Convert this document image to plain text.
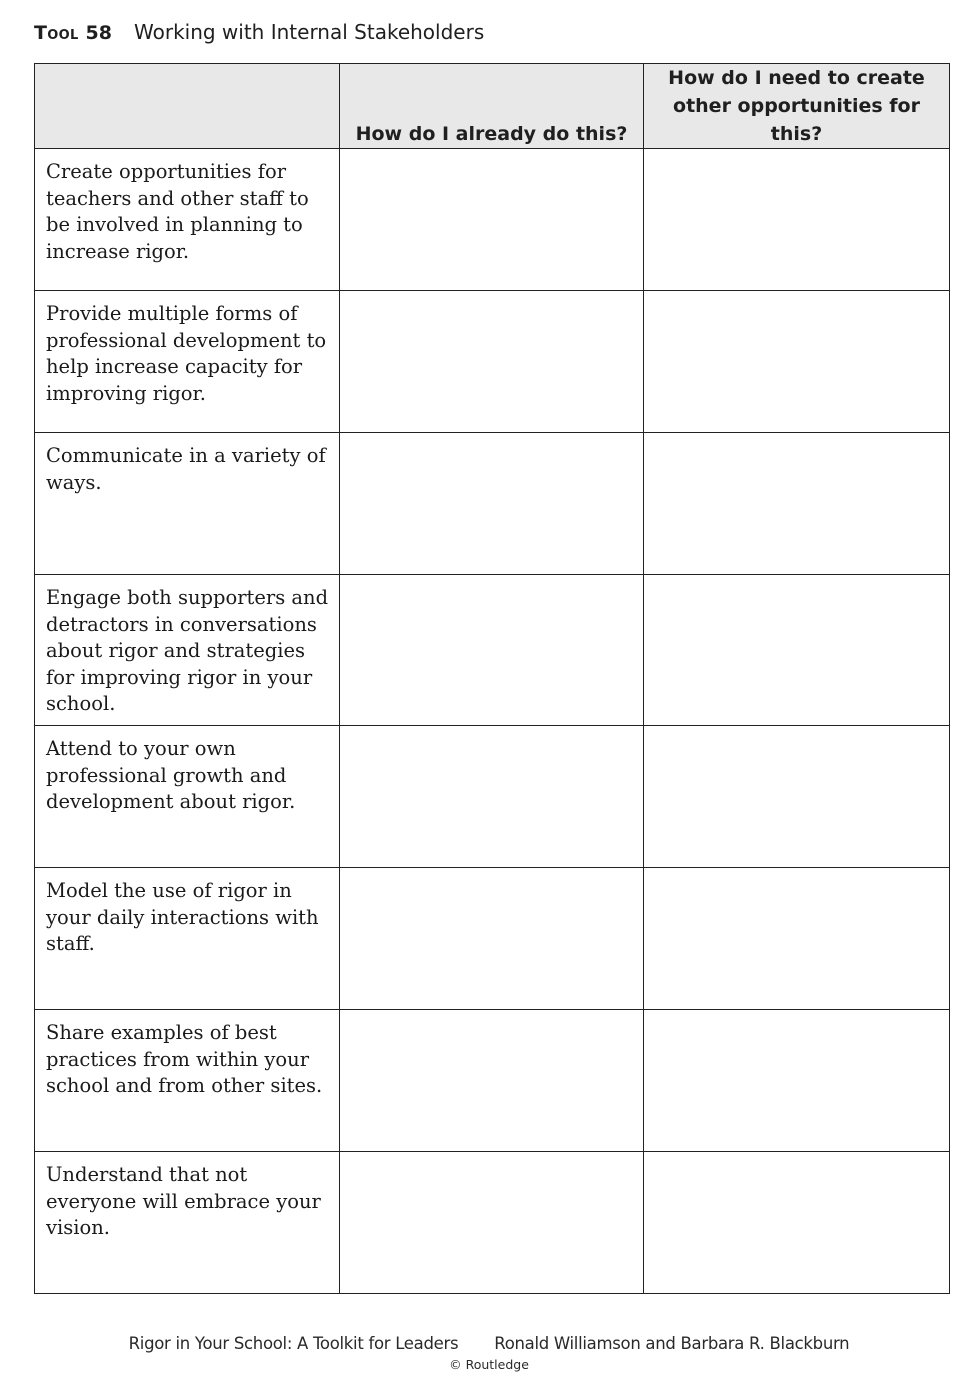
Tool 58 Working with Internal Stakeholders
	How do I already do this?	How do I need to create other opportunities for this?
Create opportunities for teachers and other staff to be involved in planning to increase rigor.		
Provide multiple forms of professional development to help increase capacity for improving rigor.		
Communicate in a variety of ways.		
Engage both supporters and detractors in conversations about rigor and strategies for improving rigor in your school.		
Attend to your own professional growth and development about rigor.		
Model the use of rigor in your daily interactions with staff.		
Share examples of best practices from within your school and from other sites.		
Understand that not everyone will embrace your vision.		
Rigor in Your School: A Toolkit for Leaders Ronald Williamson and Barbara R. Blackburn
© Routledge
